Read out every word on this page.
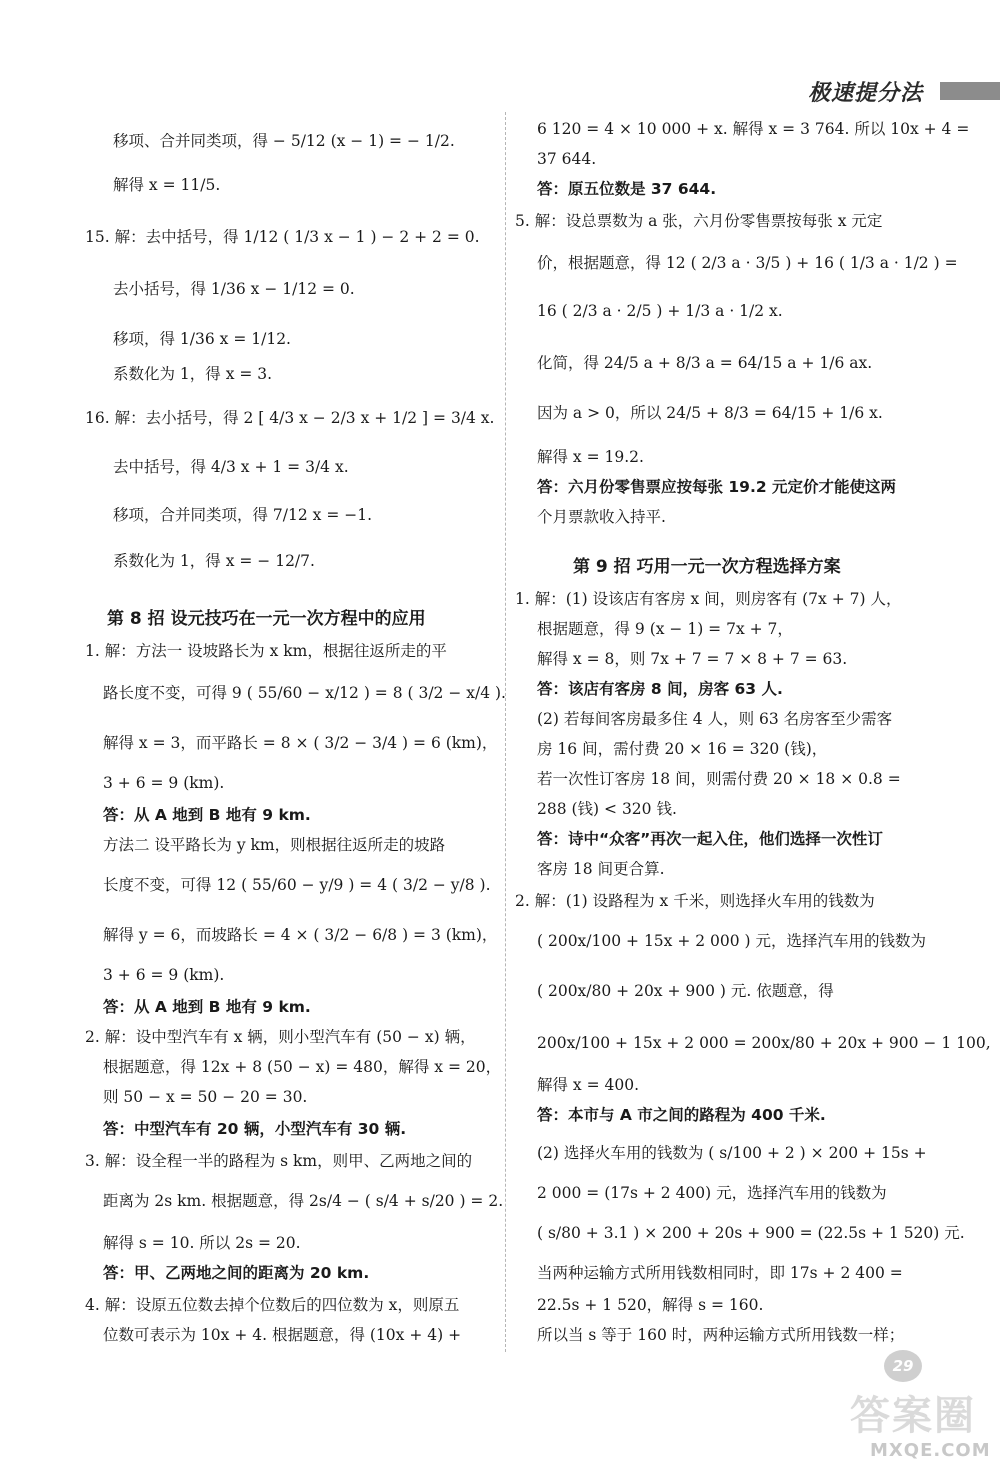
极速提分法
移项、合并同类项，得 − 5/12 (x − 1) = − 1/2.
解得 x = 11/5.
15. 解：去中括号，得 1/12 ( 1/3 x − 1 ) − 2 + 2 = 0.
去小括号，得 1/36 x − 1/12 = 0.
移项，得 1/36 x = 1/12.
系数化为 1，得 x = 3.
16. 解：去小括号，得 2 [ 4/3 x − 2/3 x + 1/2 ] = 3/4 x.
去中括号，得 4/3 x + 1 = 3/4 x.
移项，合并同类项，得 7/12 x = −1.
系数化为 1，得 x = − 12/7.
第 8 招 设元技巧在一元一次方程中的应用
1. 解：方法一 设坡路长为 x km，根据往返所走的平
路长度不变，可得 9 ( 55/60 − x/12 ) = 8 ( 3/2 − x/4 ).
解得 x = 3，而平路长 = 8 × ( 3/2 − 3/4 ) = 6 (km)，
3 + 6 = 9 (km).
答：从 A 地到 B 地有 9 km.
方法二 设平路长为 y km，则根据往返所走的坡路
长度不变，可得 12 ( 55/60 − y/9 ) = 4 ( 3/2 − y/8 ).
解得 y = 6，而坡路长 = 4 × ( 3/2 − 6/8 ) = 3 (km)，
3 + 6 = 9 (km).
答：从 A 地到 B 地有 9 km.
2. 解：设中型汽车有 x 辆，则小型汽车有 (50 − x) 辆，
根据题意，得 12x + 8 (50 − x) = 480，解得 x = 20，
则 50 − x = 50 − 20 = 30.
答：中型汽车有 20 辆，小型汽车有 30 辆.
3. 解：设全程一半的路程为 s km，则甲、乙两地之间的
距离为 2s km. 根据题意，得 2s/4 − ( s/4 + s/20 ) = 2.
解得 s = 10. 所以 2s = 20.
答：甲、乙两地之间的距离为 20 km.
4. 解：设原五位数去掉个位数后的四位数为 x，则原五
位数可表示为 10x + 4. 根据题意，得 (10x + 4) +
6 120 = 4 × 10 000 + x. 解得 x = 3 764. 所以 10x + 4 =
37 644.
答：原五位数是 37 644.
5. 解：设总票数为 a 张，六月份零售票按每张 x 元定
价，根据题意，得 12 ( 2/3 a · 3/5 ) + 16 ( 1/3 a · 1/2 ) =
16 ( 2/3 a · 2/5 ) + 1/3 a · 1/2 x.
化简，得 24/5 a + 8/3 a = 64/15 a + 1/6 ax.
因为 a > 0，所以 24/5 + 8/3 = 64/15 + 1/6 x.
解得 x = 19.2.
答：六月份零售票应按每张 19.2 元定价才能使这两
个月票款收入持平.
第 9 招 巧用一元一次方程选择方案
1. 解：(1) 设该店有客房 x 间，则房客有 (7x + 7) 人，
根据题意，得 9 (x − 1) = 7x + 7，
解得 x = 8，则 7x + 7 = 7 × 8 + 7 = 63.
答：该店有客房 8 间，房客 63 人.
(2) 若每间客房最多住 4 人，则 63 名房客至少需客
房 16 间，需付费 20 × 16 = 320 (钱)，
若一次性订客房 18 间，则需付费 20 × 18 × 0.8 =
288 (钱) < 320 钱.
答：诗中“众客”再次一起入住，他们选择一次性订
客房 18 间更合算.
2. 解：(1) 设路程为 x 千米，则选择火车用的钱数为
( 200x/100 + 15x + 2 000 ) 元，选择汽车用的钱数为
( 200x/80 + 20x + 900 ) 元. 依题意，得
200x/100 + 15x + 2 000 = 200x/80 + 20x + 900 − 1 100,
解得 x = 400.
答：本市与 A 市之间的路程为 400 千米.
(2) 选择火车用的钱数为 ( s/100 + 2 ) × 200 + 15s +
2 000 = (17s + 2 400) 元，选择汽车用的钱数为
( s/80 + 3.1 ) × 200 + 20s + 900 = (22.5s + 1 520) 元.
当两种运输方式所用钱数相同时，即 17s + 2 400 =
22.5s + 1 520，解得 s = 160.
所以当 s 等于 160 时，两种运输方式所用钱数一样；
29
答案圈
MXQE.COM
